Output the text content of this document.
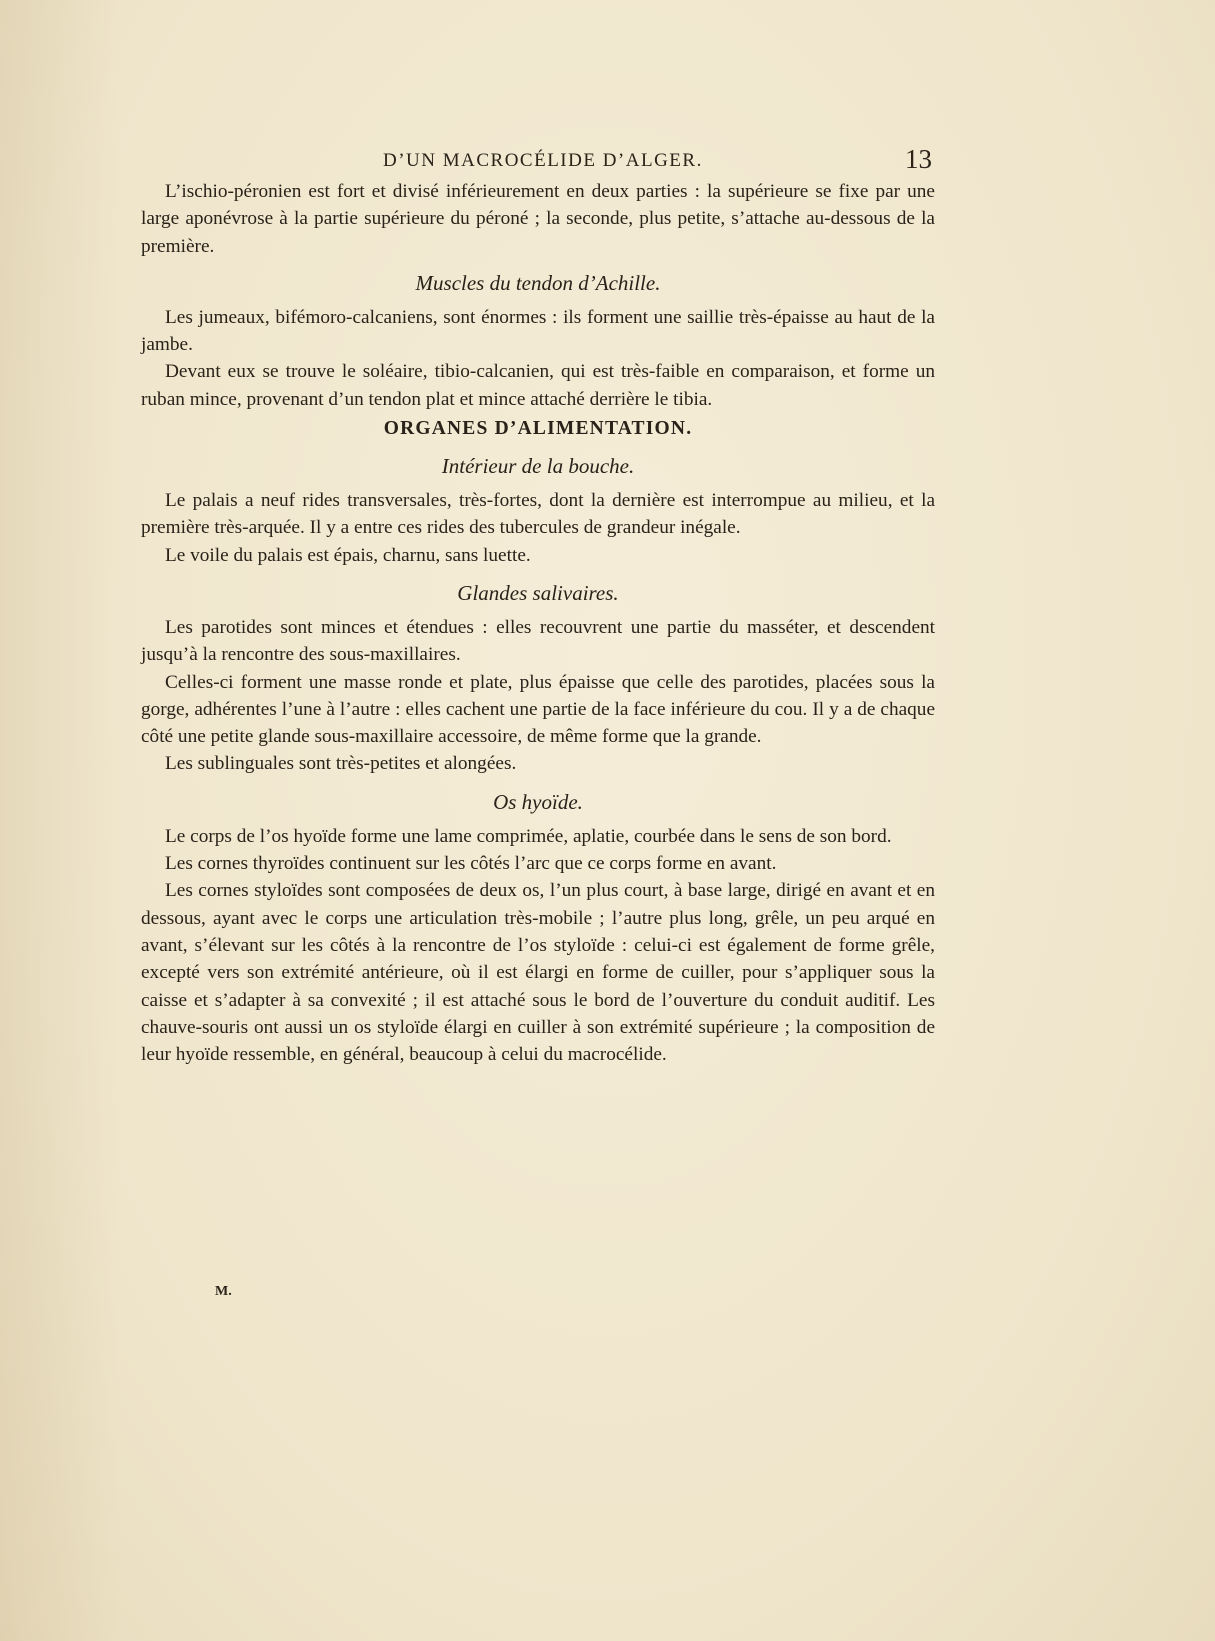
D’UN MACROCÉLIDE D’ALGER.	13

L’ischio-péronien est fort et divisé inférieurement en deux parties : la supérieure se fixe par une large aponévrose à la partie supérieure du péroné ; la seconde, plus petite, s’attache au-dessous de la première.

Muscles du tendon d’Achille.

Les jumeaux, bifémoro-calcaniens, sont énormes : ils forment une saillie très-épaisse au haut de la jambe.

Devant eux se trouve le soléaire, tibio-calcanien, qui est très-faible en comparaison, et forme un ruban mince, provenant d’un tendon plat et mince attaché derrière le tibia.

ORGANES D’ALIMENTATION.
Intérieur de la bouche.

Le palais a neuf rides transversales, très-fortes, dont la dernière est interrompue au milieu, et la première très-arquée. Il y a entre ces rides des tubercules de grandeur inégale.

Le voile du palais est épais, charnu, sans luette.

Glandes salivaires.

Les parotides sont minces et étendues : elles recouvrent une partie du masséter, et descendent jusqu’à la rencontre des sous-maxillaires.

Celles-ci forment une masse ronde et plate, plus épaisse que celle des parotides, placées sous la gorge, adhérentes l’une à l’autre : elles cachent une partie de la face inférieure du cou. Il y a de chaque côté une petite glande sous-maxillaire accessoire, de même forme que la grande.

Les sublinguales sont très-petites et alongées.

Os hyoïde.

Le corps de l’os hyoïde forme une lame comprimée, aplatie, courbée dans le sens de son bord.

Les cornes thyroïdes continuent sur les côtés l’arc que ce corps forme en avant.

Les cornes styloïdes sont composées de deux os, l’un plus court, à base large, dirigé en avant et en dessous, ayant avec le corps une articulation très-mobile ; l’autre plus long, grêle, un peu arqué en avant, s’élevant sur les côtés à la rencontre de l’os styloïde : celui-ci est également de forme grêle, excepté vers son extrémité antérieure, où il est élargi en forme de cuiller, pour s’appliquer sous la caisse et s’adapter à sa convexité ; il est attaché sous le bord de l’ouverture du conduit auditif. Les chauve-souris ont aussi un os styloïde élargi en cuiller à son extrémité supérieure ; la composition de leur hyoïde ressemble, en général, beaucoup à celui du macrocélide.

M.
